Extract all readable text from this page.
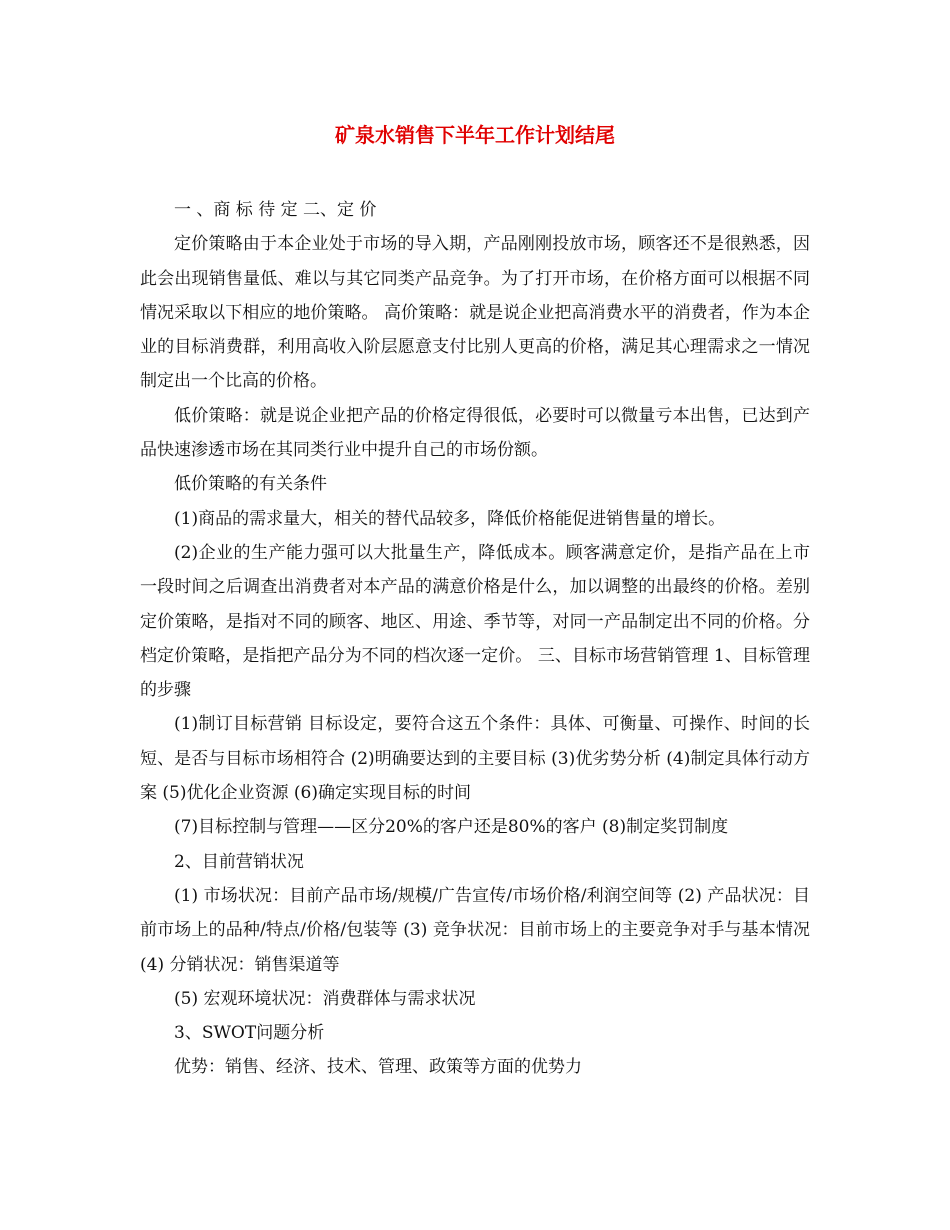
矿泉水销售下半年工作计划结尾

一 、商 标 待 定 二、定 价

定价策略由于本企业处于市场的导入期，产品刚刚投放市场，顾客还不是很熟悉，因此会出现销售量低、难以与其它同类产品竞争。为了打开市场，在价格方面可以根据不同情况采取以下相应的地价策略。 高价策略：就是说企业把高消费水平的消费者，作为本企业的目标消费群，利用高收入阶层愿意支付比别人更高的价格，满足其心理需求之一情况制定出一个比高的价格。

低价策略：就是说企业把产品的价格定得很低，必要时可以微量亏本出售，已达到产品快速渗透市场在其同类行业中提升自己的市场份额。

低价策略的有关条件

(1)商品的需求量大，相关的替代品较多，降低价格能促进销售量的增长。

(2)企业的生产能力强可以大批量生产，降低成本。顾客满意定价，是指产品在上市一段时间之后调查出消费者对本产品的满意价格是什么，加以调整的出最终的价格。差别定价策略，是指对不同的顾客、地区、用途、季节等，对同一产品制定出不同的价格。分档定价策略，是指把产品分为不同的档次逐一定价。 三、目标市场营销管理 1、目标管理的步骤

(1)制订目标营销 目标设定，要符合这五个条件：具体、可衡量、可操作、时间的长短、是否与目标市场相符合 (2)明确要达到的主要目标 (3)优劣势分析 (4)制定具体行动方案 (5)优化企业资源 (6)确定实现目标的时间

(7)目标控制与管理——区分20%的客户还是80%的客户 (8)制定奖罚制度

2、目前营销状况

(1) 市场状况：目前产品市场/规模/广告宣传/市场价格/利润空间等 (2) 产品状况：目前市场上的品种/特点/价格/包装等 (3) 竞争状况：目前市场上的主要竞争对手与基本情况 (4) 分销状况：销售渠道等

(5) 宏观环境状况：消费群体与需求状况

3、SWOT问题分析

优势：销售、经济、技术、管理、政策等方面的优势力
